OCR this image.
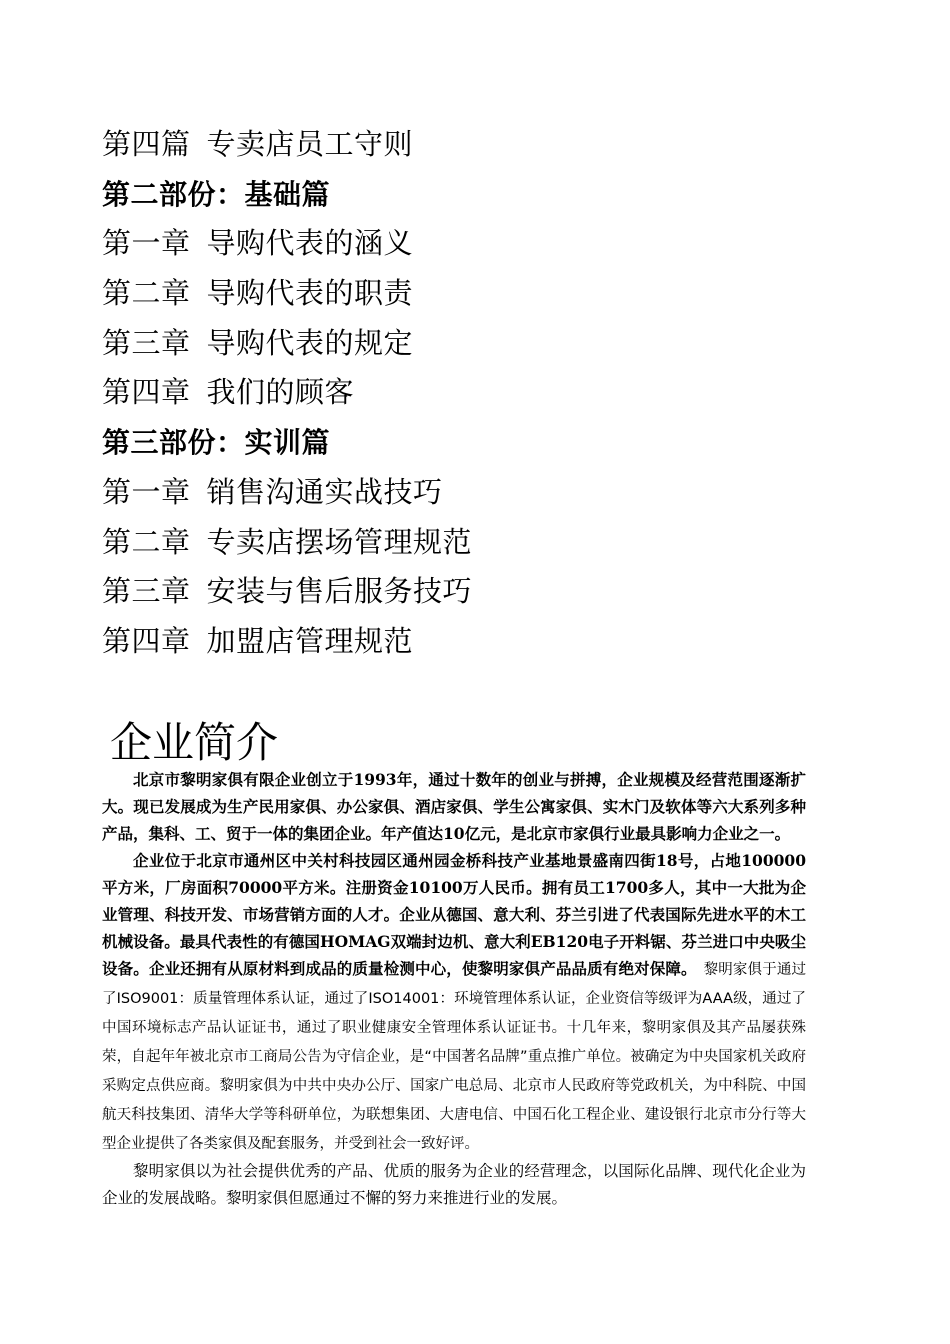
第四篇 专卖店员工守则
第二部份：基础篇
第一章 导购代表的涵义
第二章 导购代表的职责
第三章 导购代表的规定
第四章 我们的顾客
第三部份：实训篇
第一章 销售沟通实战技巧
第二章 专卖店摆场管理规范
第三章 安装与售后服务技巧
第四章 加盟店管理规范
企业简介

北京市黎明家俱有限企业创立于1993年，通过十数年的创业与拼搏，企业规模及经营范围逐渐扩大。现已发展成为生产民用家俱、办公家俱、酒店家俱、学生公寓家俱、实木门及软体等六大系列多种产品，集科、工、贸于一体的集团企业。年产值达10亿元，是北京市家俱行业最具影响力企业之一。

企业位于北京市通州区中关村科技园区通州园金桥科技产业基地景盛南四街18号，占地100000平方米，厂房面积70000平方米。注册资金10100万人民币。拥有员工1700多人，其中一大批为企业管理、科技开发、市场营销方面的人才。企业从德国、意大利、芬兰引进了代表国际先进水平的木工机械设备。最具代表性的有德国HOMAG双端封边机、意大利EB120电子开料锯、芬兰进口中央吸尘设备。企业还拥有从原材料到成品的质量检测中心，使黎明家俱产品品质有绝对保障。　黎明家俱于通过了ISO9001：质量管理体系认证，通过了ISO14001：环境管理体系认证，企业资信等级评为AAA级，通过了中国环境标志产品认证证书，通过了职业健康安全管理体系认证证书。十几年来，黎明家俱及其产品屡获殊荣，自起年年被北京市工商局公告为守信企业，是“中国著名品牌”重点推广单位。被确定为中央国家机关政府采购定点供应商。黎明家俱为中共中央办公厅、国家广电总局、北京市人民政府等党政机关，为中科院、中国航天科技集团、清华大学等科研单位，为联想集团、大唐电信、中国石化工程企业、建设银行北京市分行等大型企业提供了各类家俱及配套服务，并受到社会一致好评。

黎明家俱以为社会提供优秀的产品、优质的服务为企业的经营理念，以国际化品牌、现代化企业为企业的发展战略。黎明家俱但愿通过不懈的努力来推进行业的发展。
